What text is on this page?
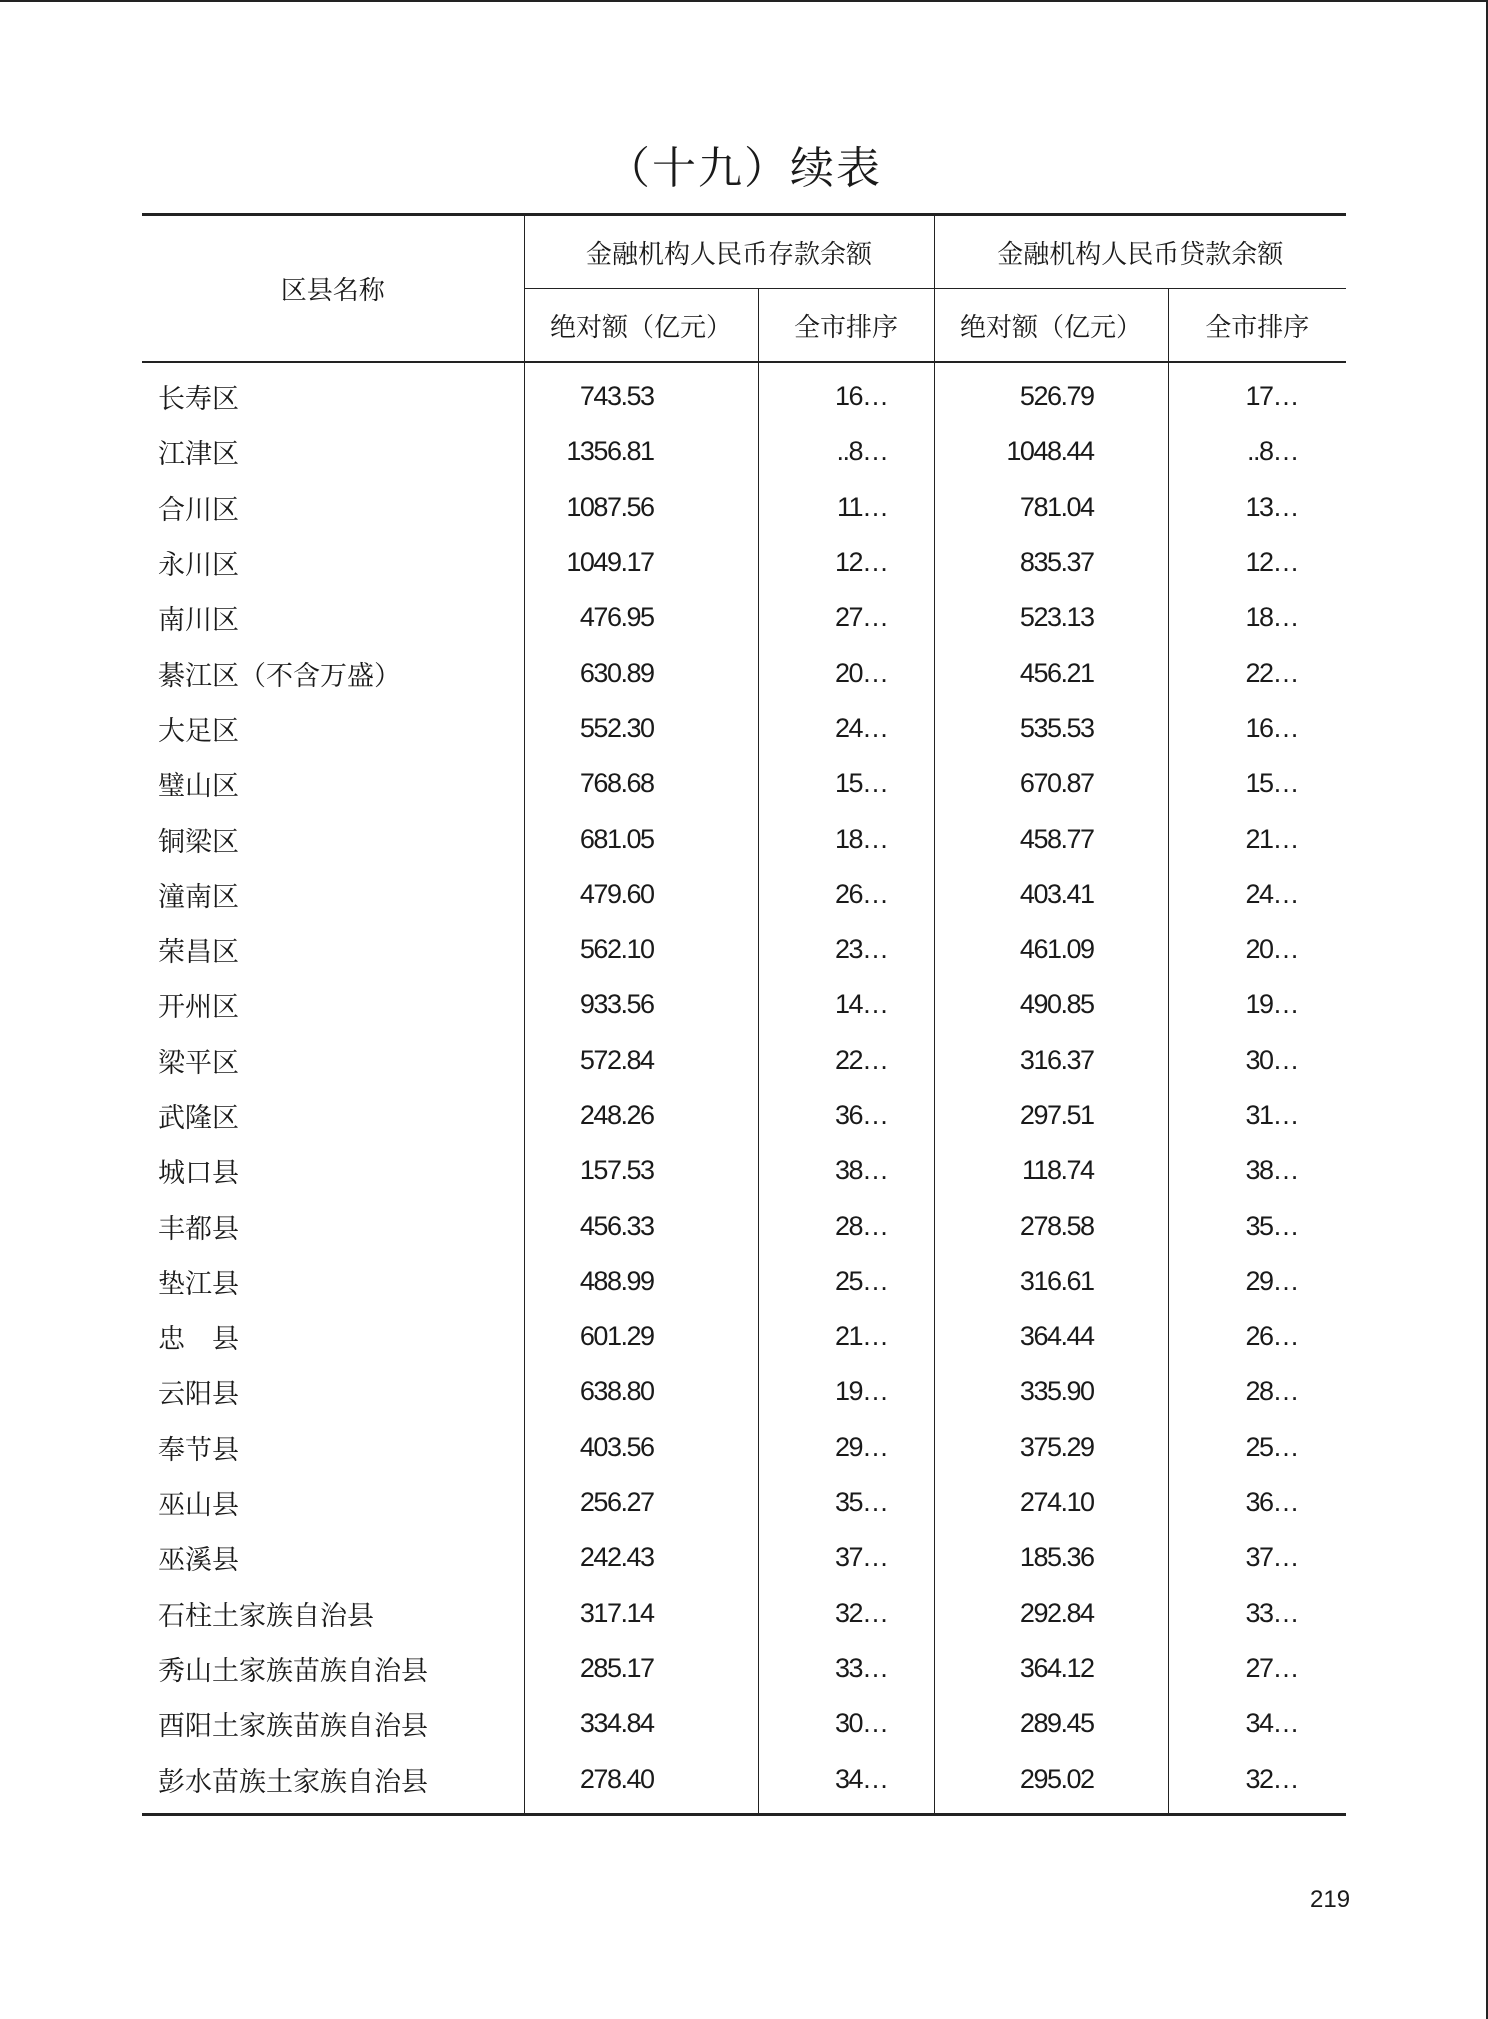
（十九）续表
区县名称	金融机构人民币存款余额		金融机构人民币贷款余额	
	绝对额（亿元）	全市排序	绝对额（亿元）	全市排序
长寿区	743.53	16…	526.79	17…
江津区	1356.81	..8…	1048.44	..8…
合川区	1087.56	11…	781.04	13…
永川区	1049.17	12…	835.37	12…
南川区	476.95	27…	523.13	18…
綦江区（不含万盛）	630.89	20…	456.21	22…
大足区	552.30	24…	535.53	16…
璧山区	768.68	15…	670.87	15…
铜梁区	681.05	18…	458.77	21…
潼南区	479.60	26…	403.41	24…
荣昌区	562.10	23…	461.09	20…
开州区	933.56	14…	490.85	19…
梁平区	572.84	22…	316.37	30…
武隆区	248.26	36…	297.51	31…
城口县	157.53	38…	118.74	38…
丰都县	456.33	28…	278.58	35…
垫江县	488.99	25…	316.61	29…
忠　县	601.29	21…	364.44	26…
云阳县	638.80	19…	335.90	28…
奉节县	403.56	29…	375.29	25…
巫山县	256.27	35…	274.10	36…
巫溪县	242.43	37…	185.36	37…
石柱土家族自治县	317.14	32…	292.84	33…
秀山土家族苗族自治县	285.17	33…	364.12	27…
酉阳土家族苗族自治县	334.84	30…	289.45	34…
彭水苗族土家族自治县	278.40	34…	295.02	32…
219
